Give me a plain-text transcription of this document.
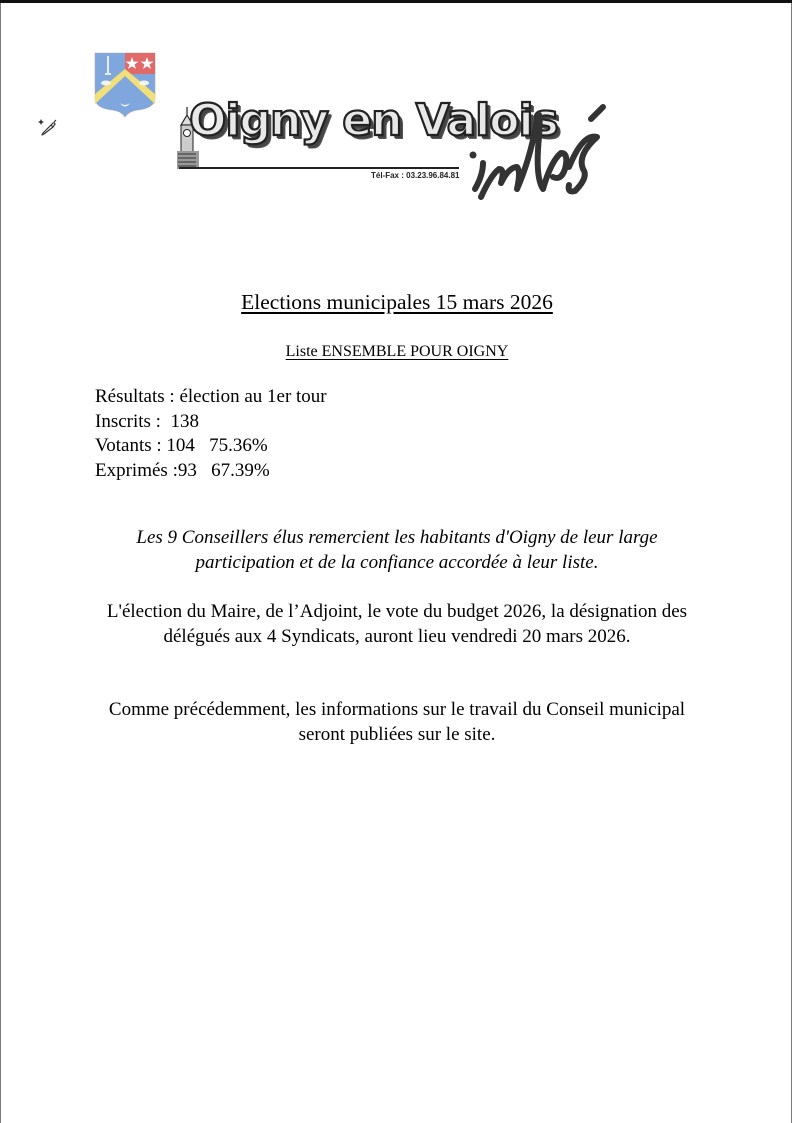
Oigny en Valois
Tél-Fax : 03.23.96.84.81
Elections municipales 15 mars 2026
Liste ENSEMBLE POUR OIGNY
Résultats : élection au 1er tour
Inscrits :  138
Votants : 104   75.36%
Exprimés :93   67.39%
Les 9 Conseillers élus remercient les habitants d'Oigny de leur large participation et de la confiance accordée à leur liste.
L'élection du Maire, de l’Adjoint, le vote du budget 2026, la désignation des délégués aux 4 Syndicats, auront lieu vendredi 20 mars 2026.
Comme précédemment, les informations sur le travail du Conseil municipal seront publiées sur le site.
